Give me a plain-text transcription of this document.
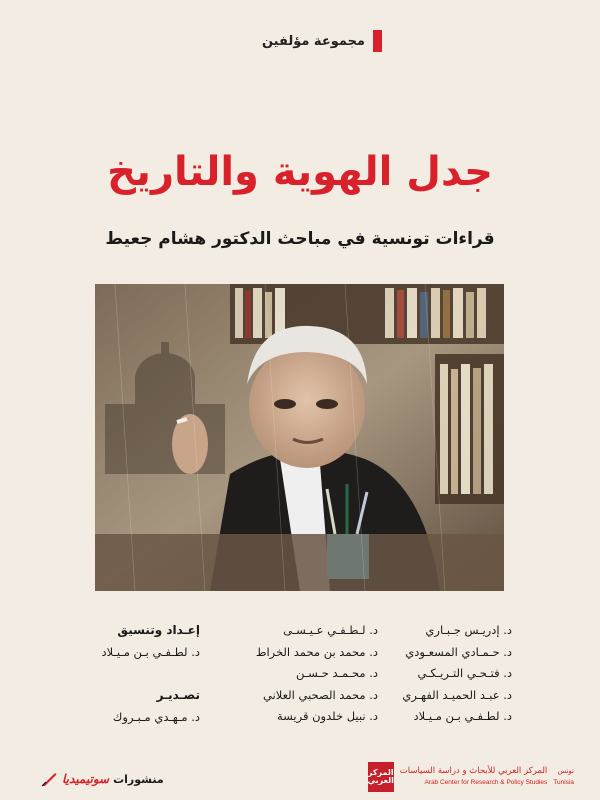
مجموعة مؤلفين
جدل الهوية والتاريخ
قراءات تونسية في مباحث الدكتور هشام جعيط
د. إدريـس جـبـاري
د. حـمـادي المسعـودي
د. فتـحـي التـريـكـي
د. عبـد الحميـد الفهـري
د. لطـفـي بـن مـيـلاد
د. لـطـفـي عـيـسـى
د. محمد بن محمد الخراط
د. محـمـد حـسـن
د. محمد الصحبي العلاني
د. نبيل خلدون قريسة
إعـداد وتنسيق
د. لطـفـي بـن مـيـلاد
تصـديـر
د. مـهـدي مـبـروك
منشورات
سوتيميديا
تونس
Tunisia
المركز العربي للأبحاث و دراسة السياسات
Arab Center for Research & Policy Studies
المركز العربي
